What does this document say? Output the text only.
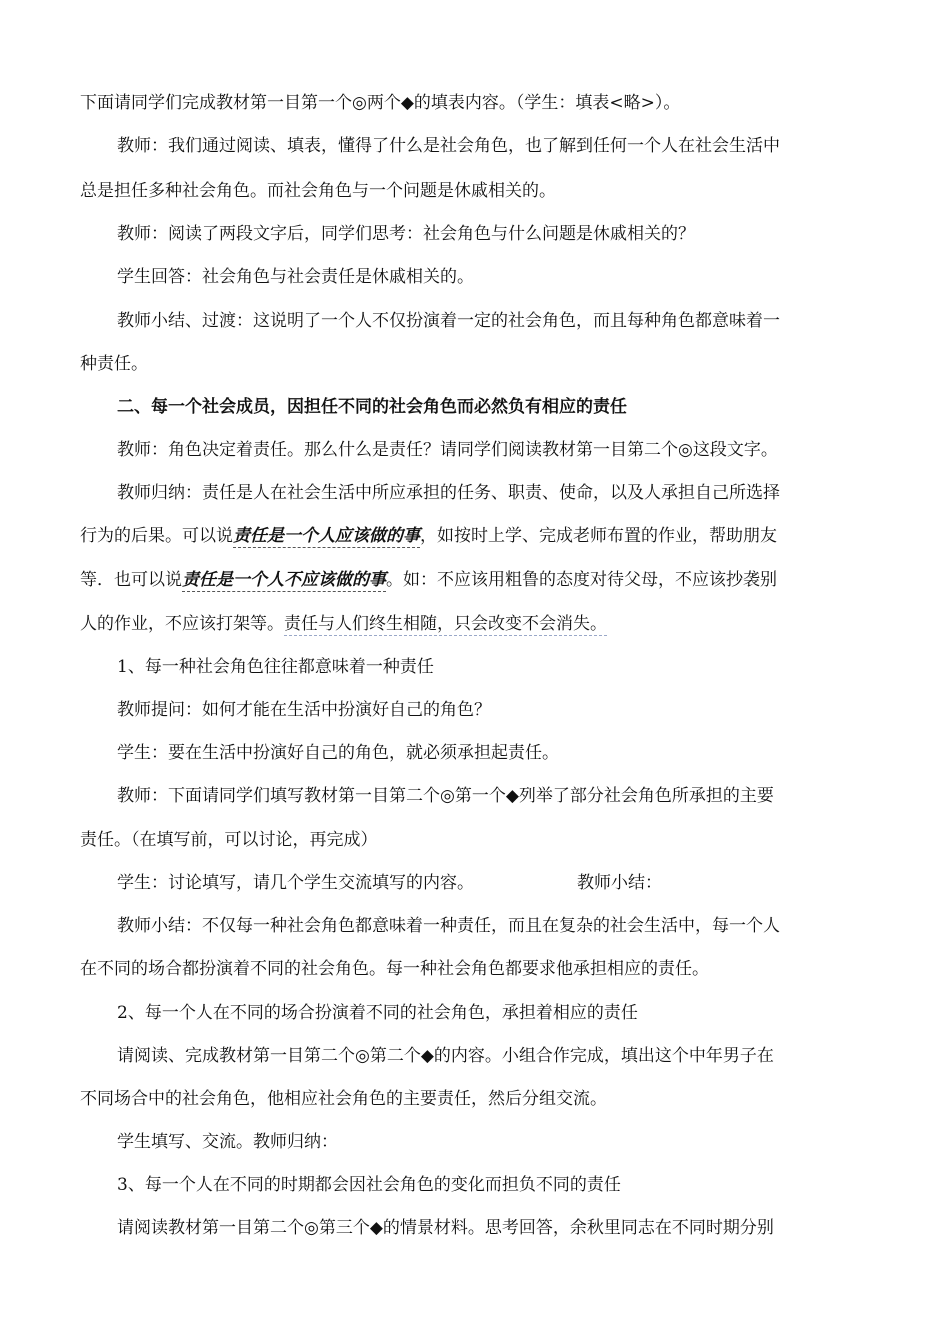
下面请同学们完成教材第一目第一个◎两个◆的填表内容。（学生：填表<略>）。
教师：我们通过阅读、填表，懂得了什么是社会角色，也了解到任何一个人在社会生活中
总是担任多种社会角色。而社会角色与一个问题是休戚相关的。
教师：阅读了两段文字后，同学们思考：社会角色与什么问题是休戚相关的？
学生回答：社会角色与社会责任是休戚相关的。
教师小结、过渡：这说明了一个人不仅扮演着一定的社会角色，而且每种角色都意味着一
种责任。
二、每一个社会成员，因担任不同的社会角色而必然负有相应的责任
教师：角色决定着责任。那么什么是责任？请同学们阅读教材第一目第二个◎这段文字。
教师归纳：责任是人在社会生活中所应承担的任务、职责、使命，以及人承担自己所选择
行为的后果。可以说责任是一个人应该做的事，如按时上学、完成老师布置的作业，帮助朋友
等．也可以说责任是一个人不应该做的事。如：不应该用粗鲁的态度对待父母，不应该抄袭别
人的作业，不应该打架等。责任与人们终生相随，只会改变不会消失。
1、每一种社会角色往往都意味着一种责任
教师提问：如何才能在生活中扮演好自己的角色？
学生：要在生活中扮演好自己的角色，就必须承担起责任。
教师：下面请同学们填写教材第一目第二个◎第一个◆列举了部分社会角色所承担的主要
责任。（在填写前，可以讨论，再完成）
学生：讨论填写，请几个学生交流填写的内容。	教师小结：
教师小结：不仅每一种社会角色都意味着一种责任，而且在复杂的社会生活中，每一个人
在不同的场合都扮演着不同的社会角色。每一种社会角色都要求他承担相应的责任。
2、每一个人在不同的场合扮演着不同的社会角色，承担着相应的责任
请阅读、完成教材第一目第二个◎第二个◆的内容。小组合作完成，填出这个中年男子在
不同场合中的社会角色，他相应社会角色的主要责任，然后分组交流。
学生填写、交流。教师归纳：
3、每一个人在不同的时期都会因社会角色的变化而担负不同的责任
请阅读教材第一目第二个◎第三个◆的情景材料。思考回答，余秋里同志在不同时期分别
